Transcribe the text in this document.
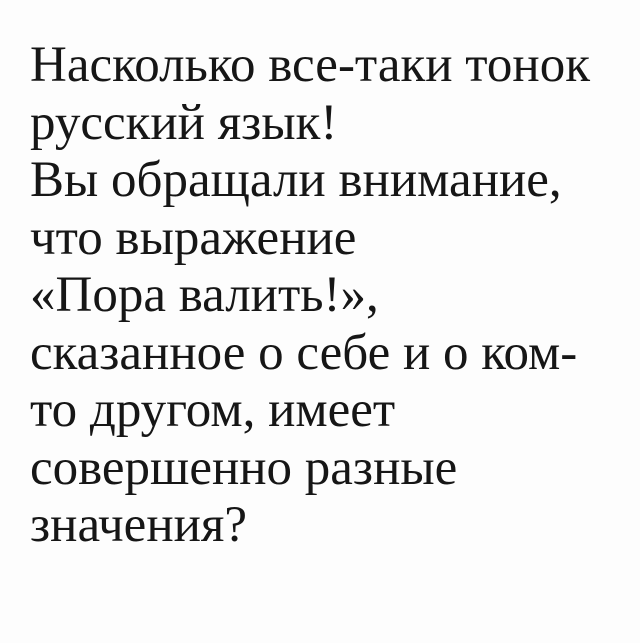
Насколько все-таки тонок
русский язык!
Вы обращали внимание,
что выражение
«Пора валить!»,
сказанное о себе и о ком-
то другом, имеет
совершенно разные
значения?
